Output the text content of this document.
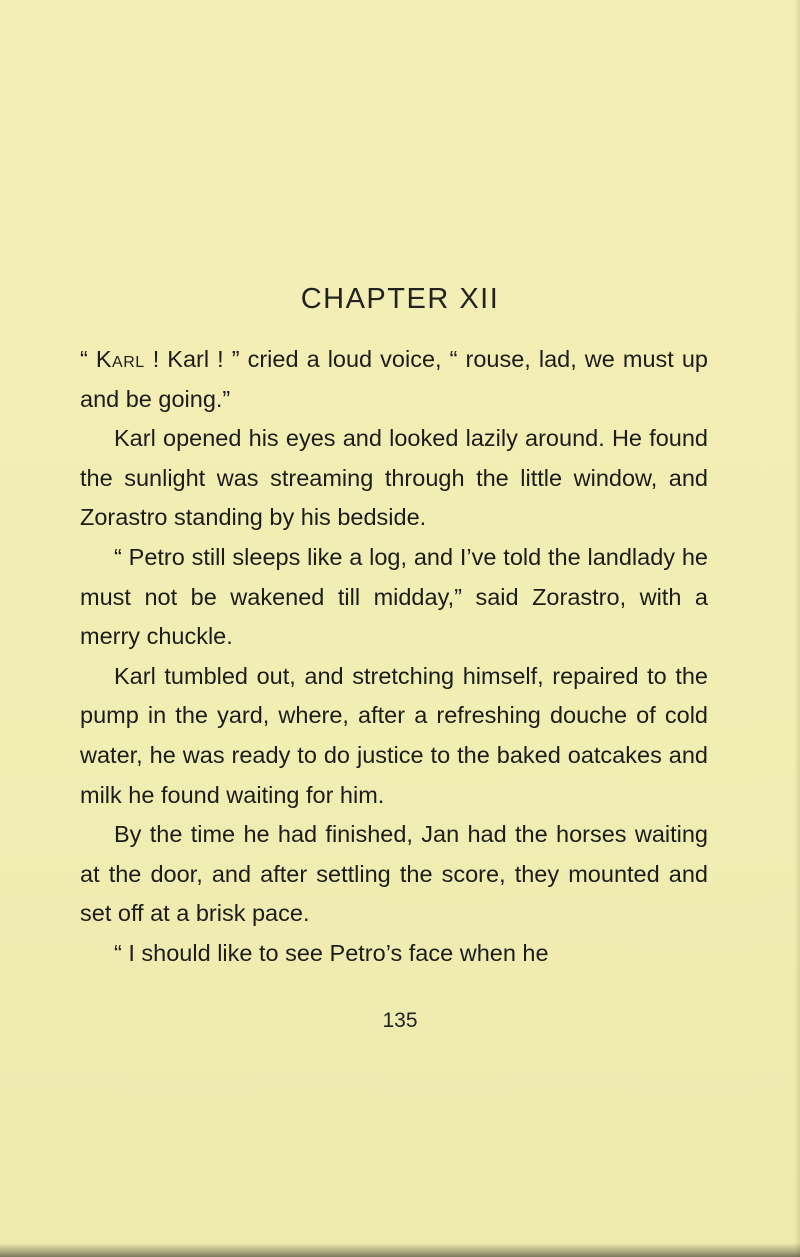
CHAPTER XII

“ Karl ! Karl ! ” cried a loud voice, “ rouse, lad, we must up and be going.”

Karl opened his eyes and looked lazily around. He found the sunlight was streaming through the little window, and Zorastro standing by his bedside.

“ Petro still sleeps like a log, and I’ve told the landlady he must not be wakened till midday,” said Zorastro, with a merry chuckle.

Karl tumbled out, and stretching himself, repaired to the pump in the yard, where, after a refreshing douche of cold water, he was ready to do justice to the baked oatcakes and milk he found waiting for him.

By the time he had finished, Jan had the horses waiting at the door, and after settling the score, they mounted and set off at a brisk pace.

“ I should like to see Petro’s face when he

135
